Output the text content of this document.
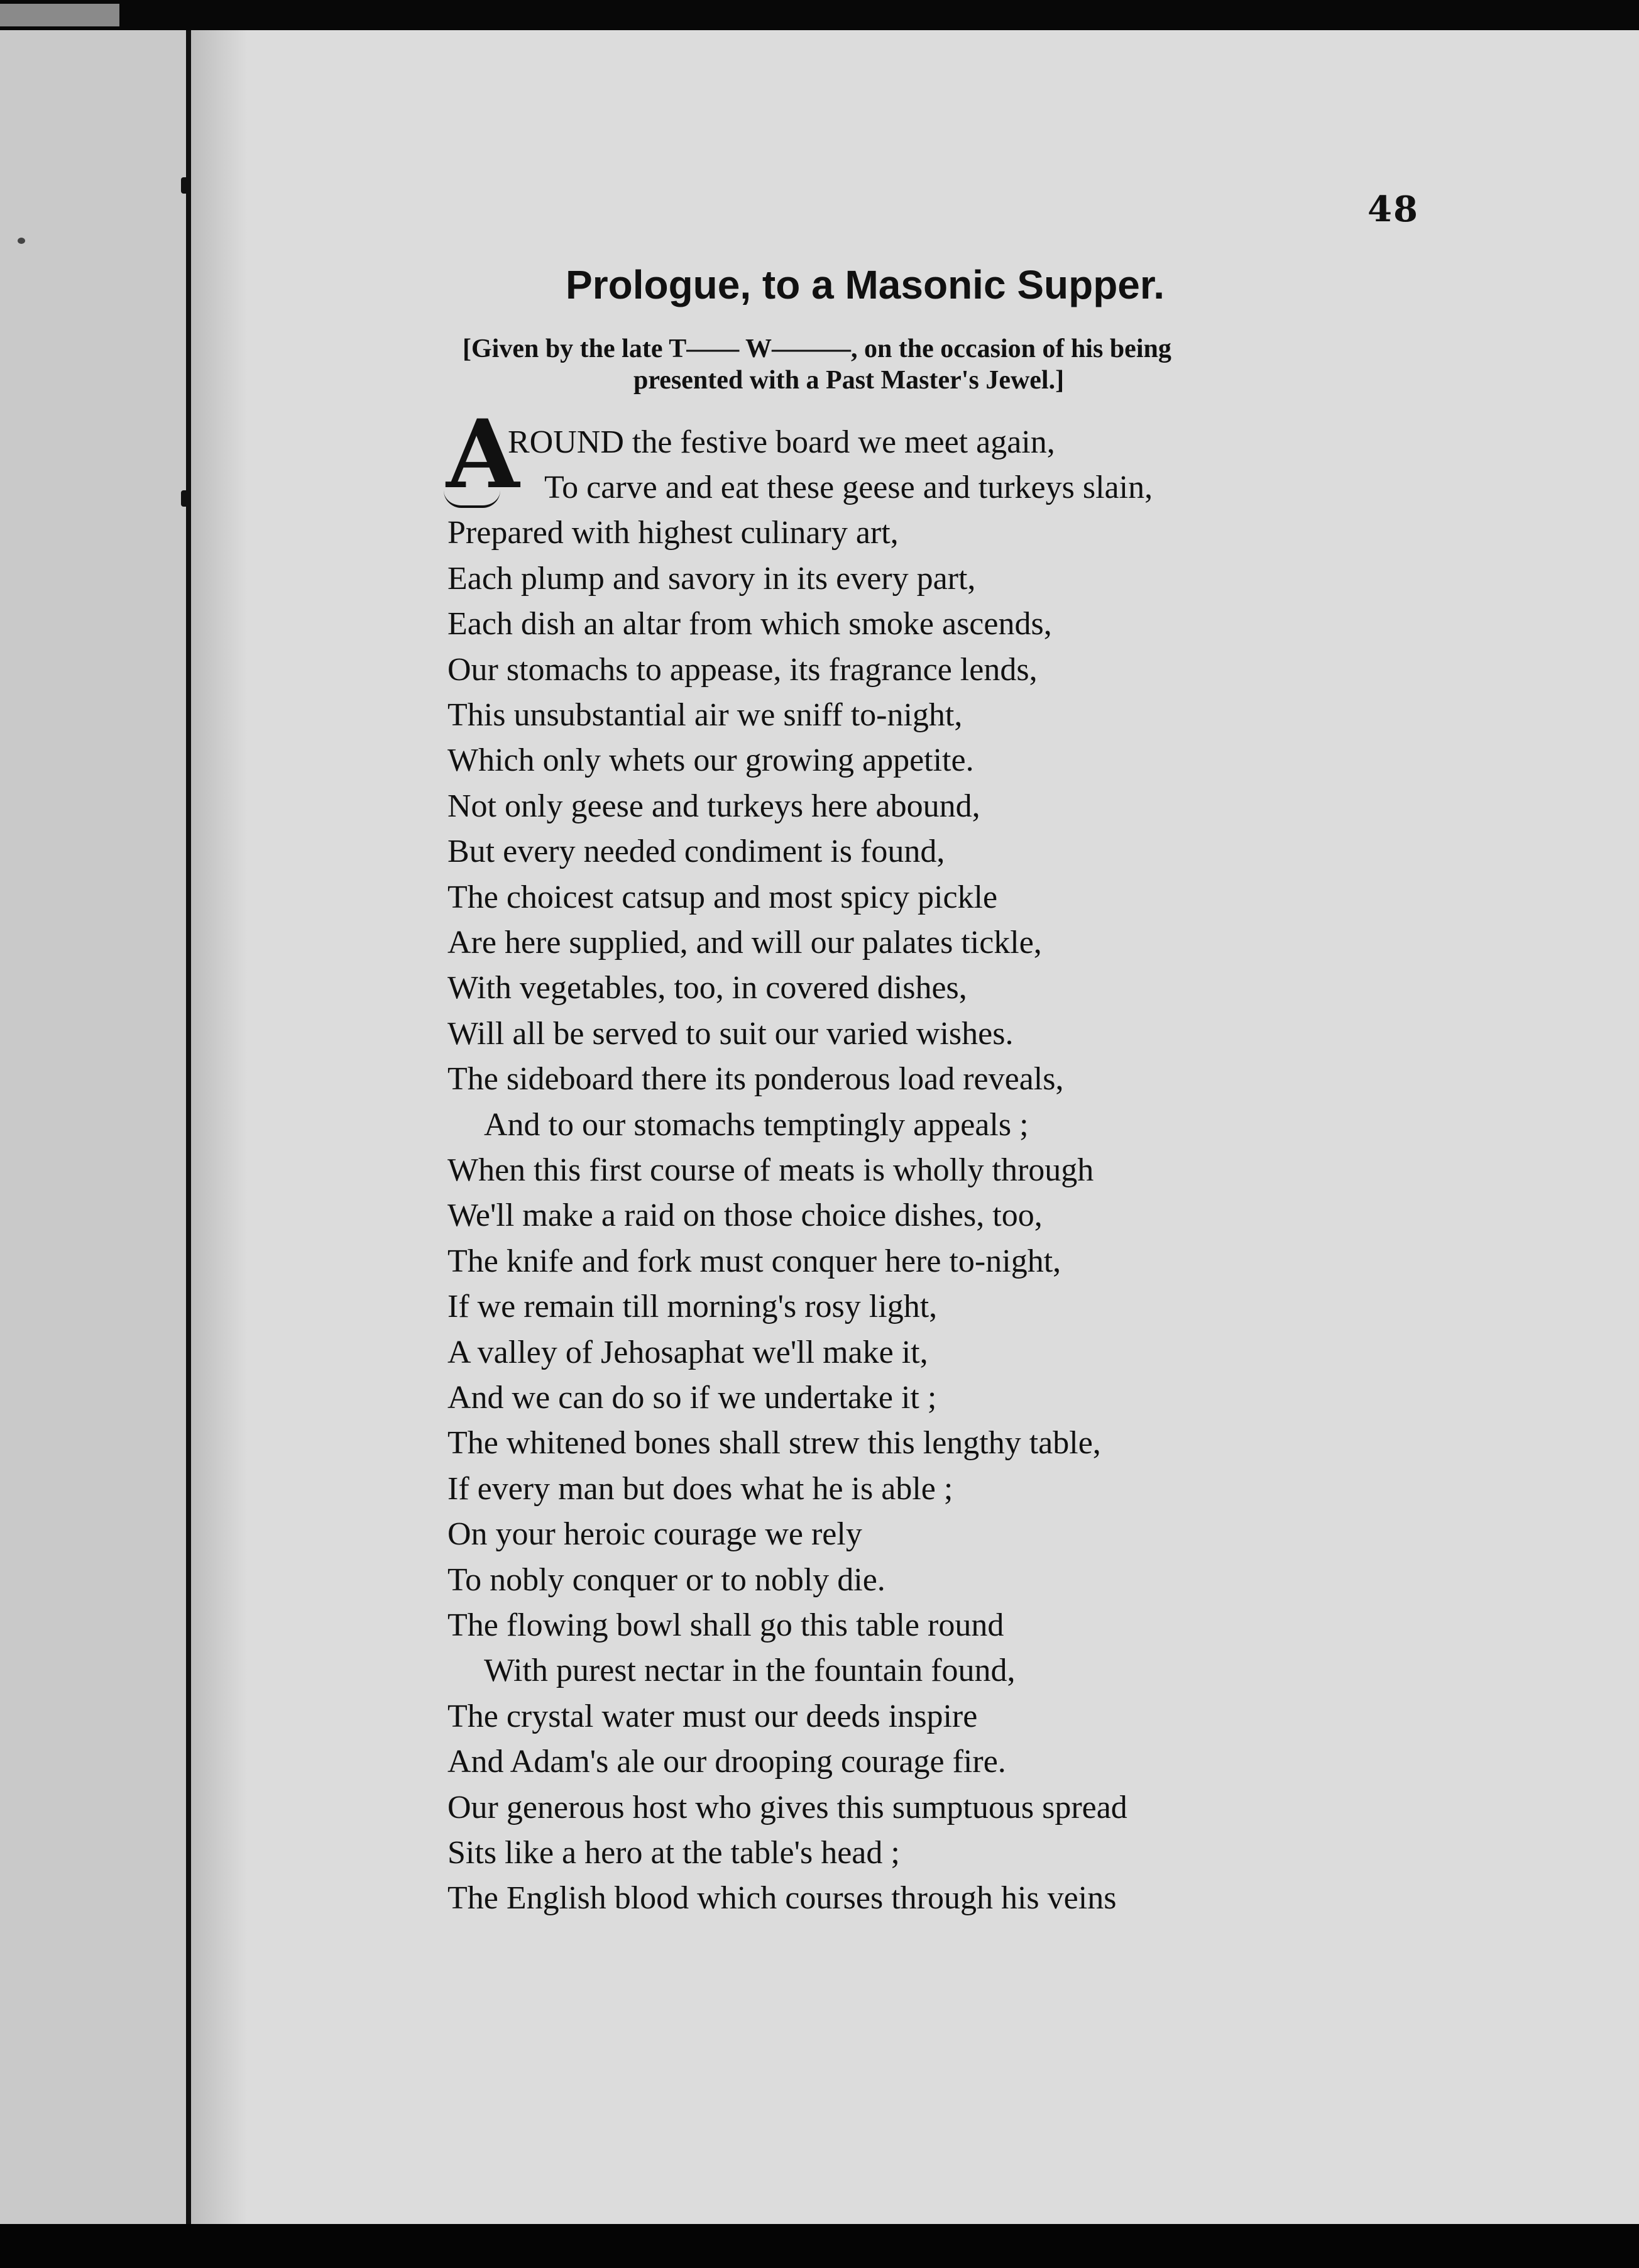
48
Prologue, to a Masonic Supper.
[Given by the late T—— W———, on the occasion of his being
presented with a Past Master's Jewel.]
A
ROUND the festive board we meet again,
To carve and eat these geese and turkeys slain,
Prepared with highest culinary art,
Each plump and savory in its every part,
Each dish an altar from which smoke ascends,
Our stomachs to appease, its fragrance lends,
This unsubstantial air we sniff to-night,
Which only whets our growing appetite.
Not only geese and turkeys here abound,
But every needed condiment is found,
The choicest catsup and most spicy pickle
Are here supplied, and will our palates tickle,
With vegetables, too, in covered dishes,
Will all be served to suit our varied wishes.
The sideboard there its ponderous load reveals,
And to our stomachs temptingly appeals ;
When this first course of meats is wholly through
We'll make a raid on those choice dishes, too,
The knife and fork must conquer here to-night,
If we remain till morning's rosy light,
A valley of Jehosaphat we'll make it,
And we can do so if we undertake it ;
The whitened bones shall strew this lengthy table,
If every man but does what he is able ;
On your heroic courage we rely
To nobly conquer or to nobly die.
The flowing bowl shall go this table round
With purest nectar in the fountain found,
The crystal water must our deeds inspire
And Adam's ale our drooping courage fire.
Our generous host who gives this sumptuous spread
Sits like a hero at the table's head ;
The English blood which courses through his veins
